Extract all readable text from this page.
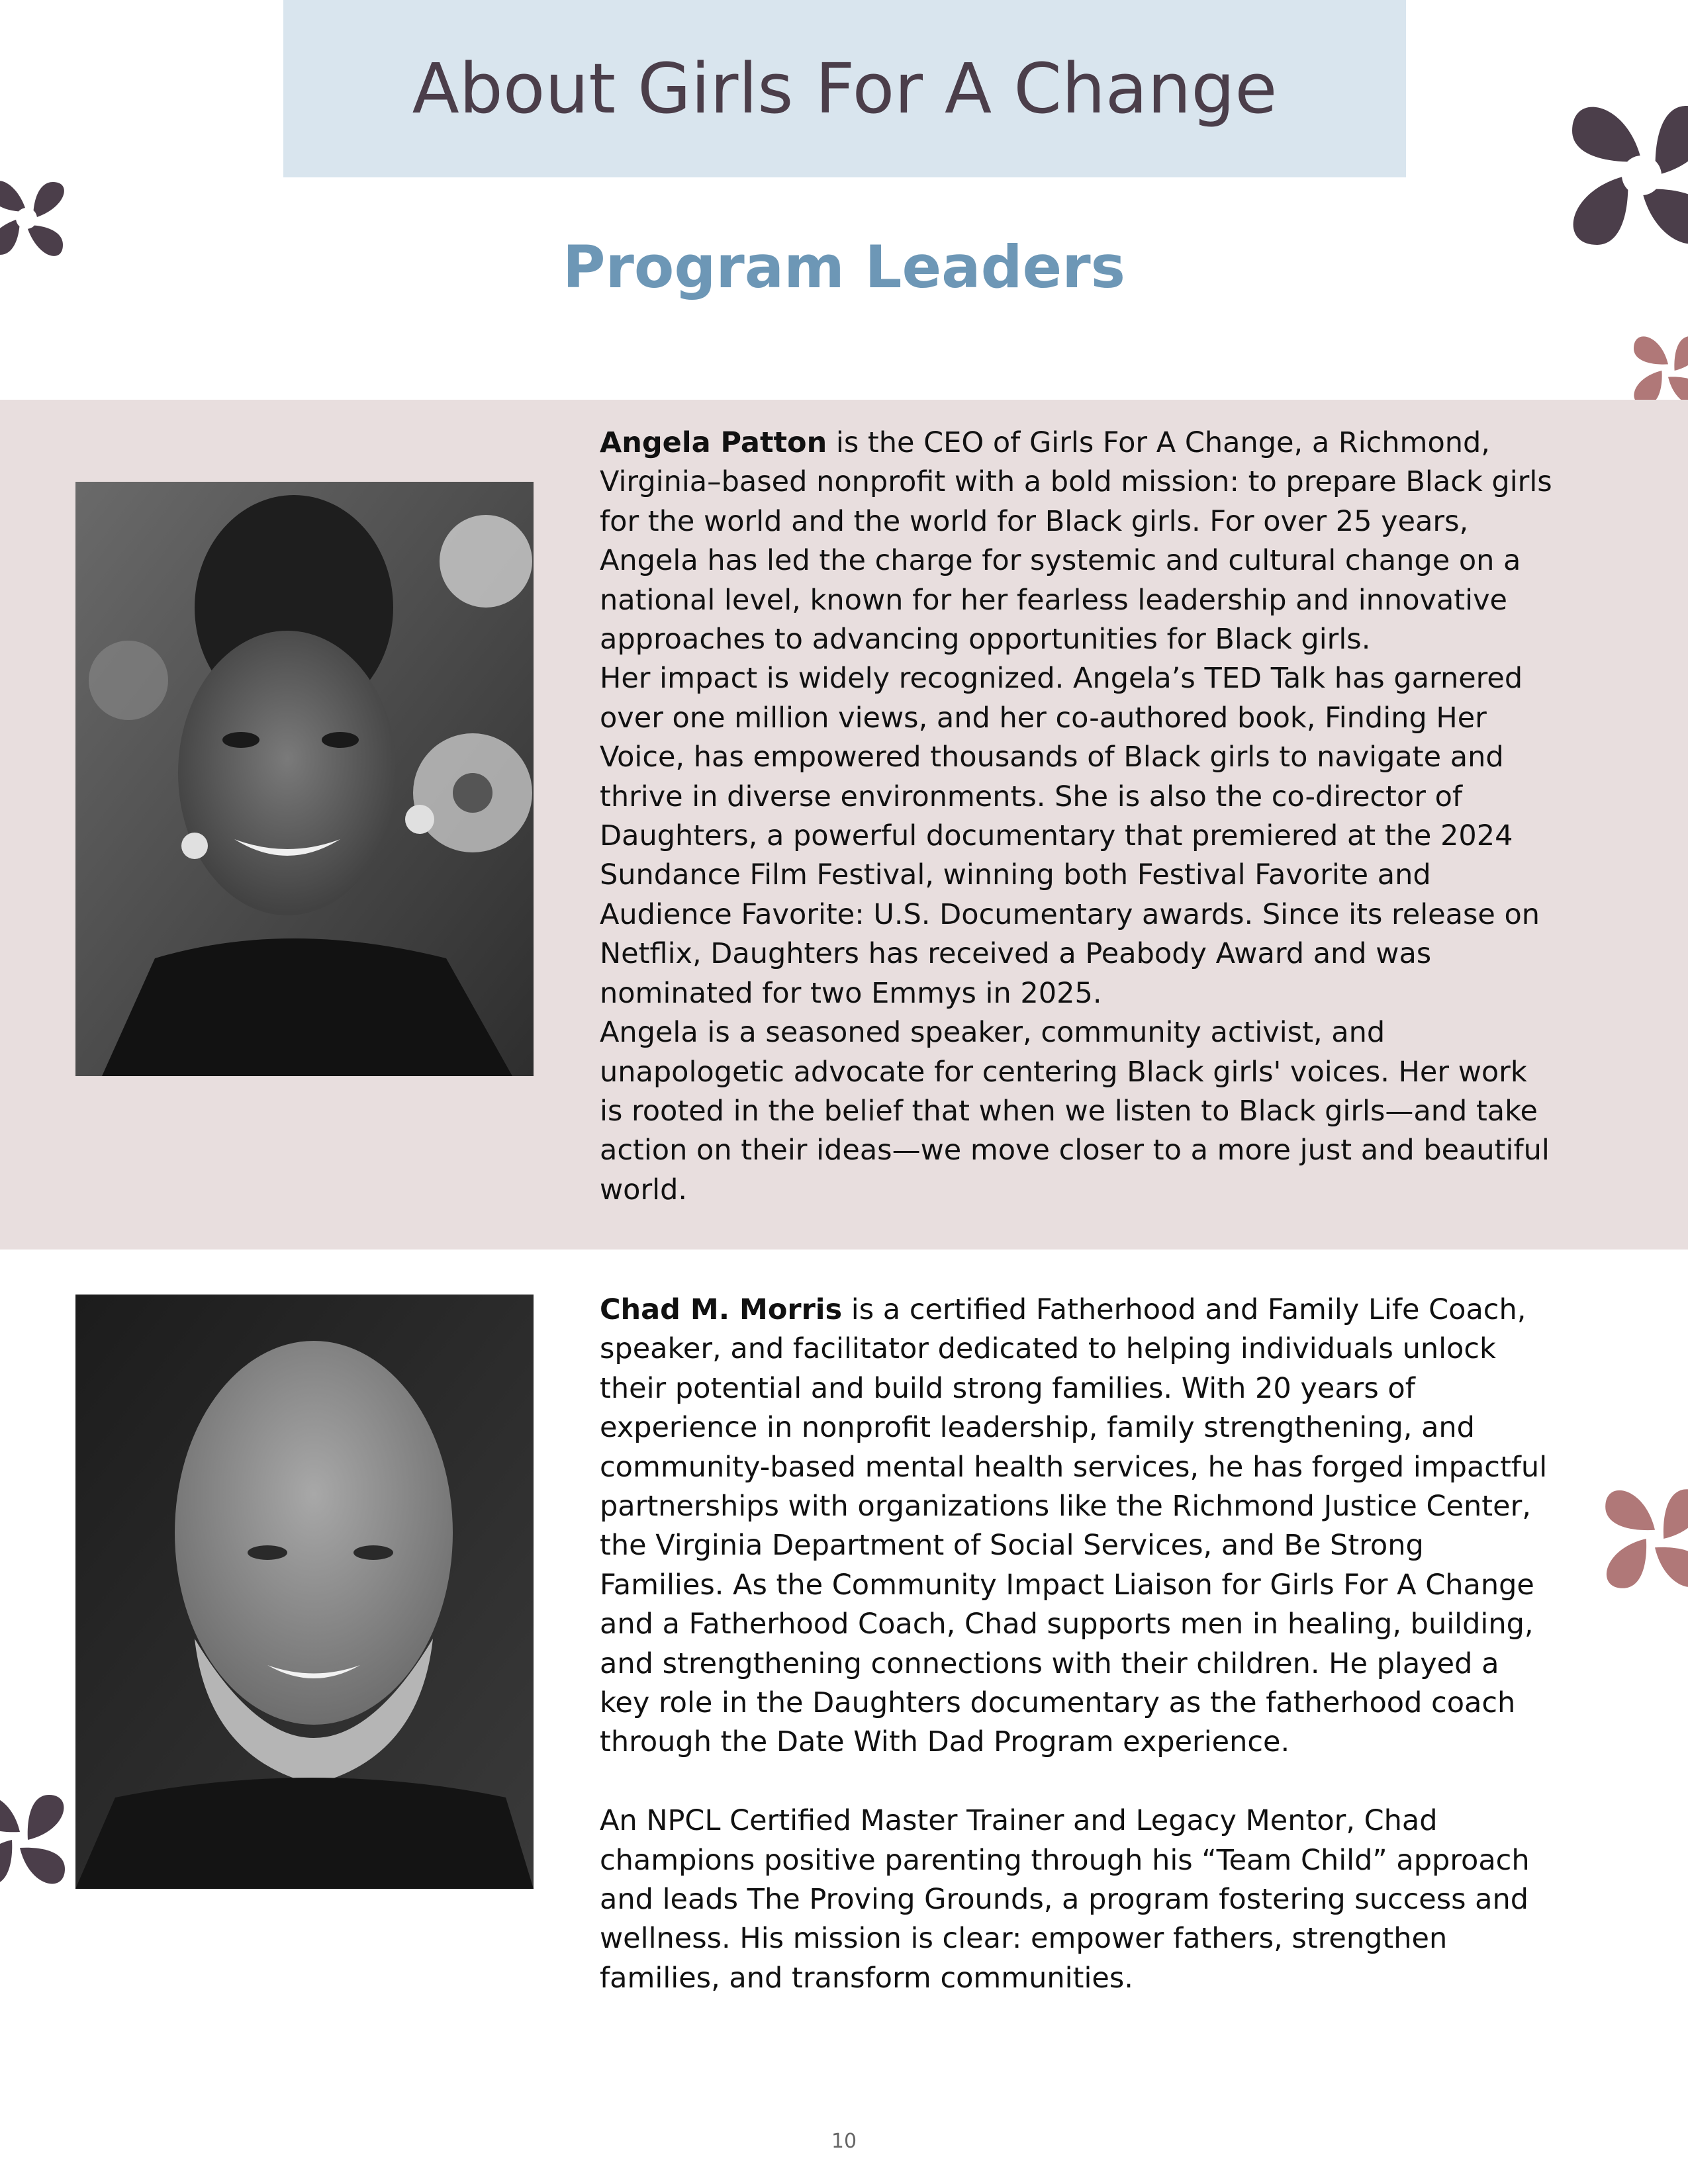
About Girls For A Change
Program Leaders

Angela Patton is the CEO of Girls For A Change, a Richmond, Virginia–based nonprofit with a bold mission: to prepare Black girls for the world and the world for Black girls. For over 25 years, Angela has led the charge for systemic and cultural change on a national level, known for her fearless leadership and innovative approaches to advancing opportunities for Black girls.

Her impact is widely recognized. Angela’s TED Talk has garnered over one million views, and her co-authored book, Finding Her Voice, has empowered thousands of Black girls to navigate and thrive in diverse environments. She is also the co-director of Daughters, a powerful documentary that premiered at the 2024 Sundance Film Festival, winning both Festival Favorite and Audience Favorite: U.S. Documentary awards. Since its release on Netflix, Daughters has received a Peabody Award and was nominated for two Emmys in 2025.

Angela is a seasoned speaker, community activist, and unapologetic advocate for centering Black girls' voices. Her work is rooted in the belief that when we listen to Black girls—and take action on their ideas—we move closer to a more just and beautiful world.

Chad M. Morris is a certified Fatherhood and Family Life Coach, speaker, and facilitator dedicated to helping individuals unlock their potential and build strong families. With 20 years of experience in nonprofit leadership, family strengthening, and community-based mental health services, he has forged impactful partnerships with organizations like the Richmond Justice Center, the Virginia Department of Social Services, and Be Strong Families. As the Community Impact Liaison for Girls For A Change and a Fatherhood Coach, Chad supports men in healing, building, and strengthening connections with their children. He played a key role in the Daughters documentary as the fatherhood coach through the Date With Dad Program experience.

An NPCL Certified Master Trainer and Legacy Mentor, Chad champions positive parenting through his “Team Child” approach and leads The Proving Grounds, a program fostering success and wellness. His mission is clear: empower fathers, strengthen families, and transform communities.

10
